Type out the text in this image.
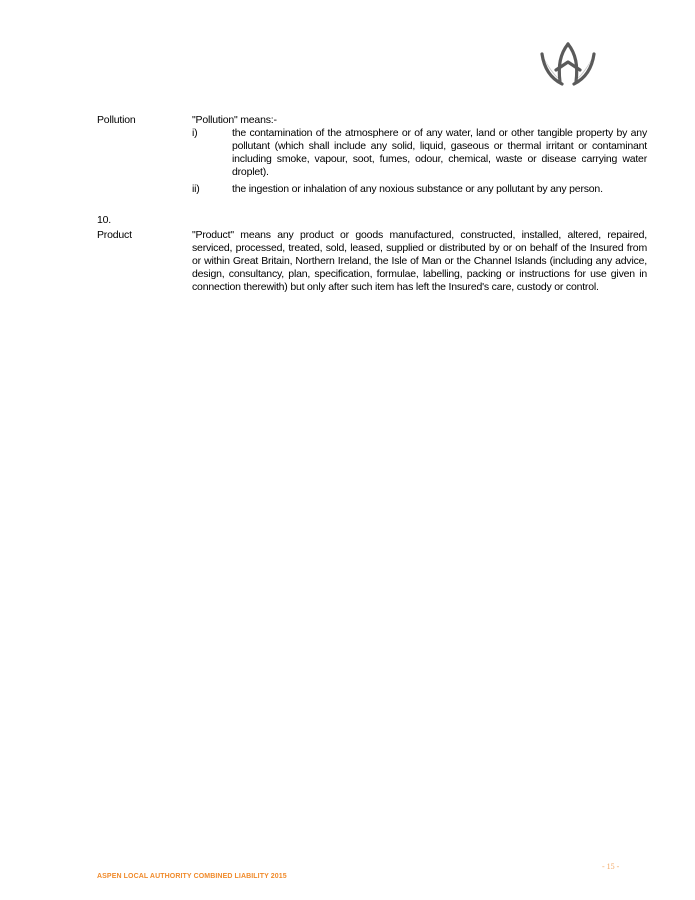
Pollution	"Pollution" means:-
i)	the contamination of the atmosphere or of any water, land or other tangible property by any pollutant (which shall include any solid, liquid, gaseous or thermal irritant or contaminant including smoke, vapour, soot, fumes, odour, chemical, waste or disease carrying water droplet).
ii)	the ingestion or inhalation of any noxious substance or any pollutant by any person.
10.
Product	"Product" means any product or goods manufactured, constructed, installed, altered, repaired, serviced, processed, treated, sold, leased, supplied or distributed by or on behalf of the Insured from or within Great Britain, Northern Ireland, the Isle of Man or the Channel Islands (including any advice, design, consultancy, plan, specification, formulae, labelling, packing or instructions for use given in connection therewith) but only after such item has left the Insured's care, custody or control.
- 15 -
ASPEN LOCAL AUTHORITY COMBINED LIABILITY 2015
